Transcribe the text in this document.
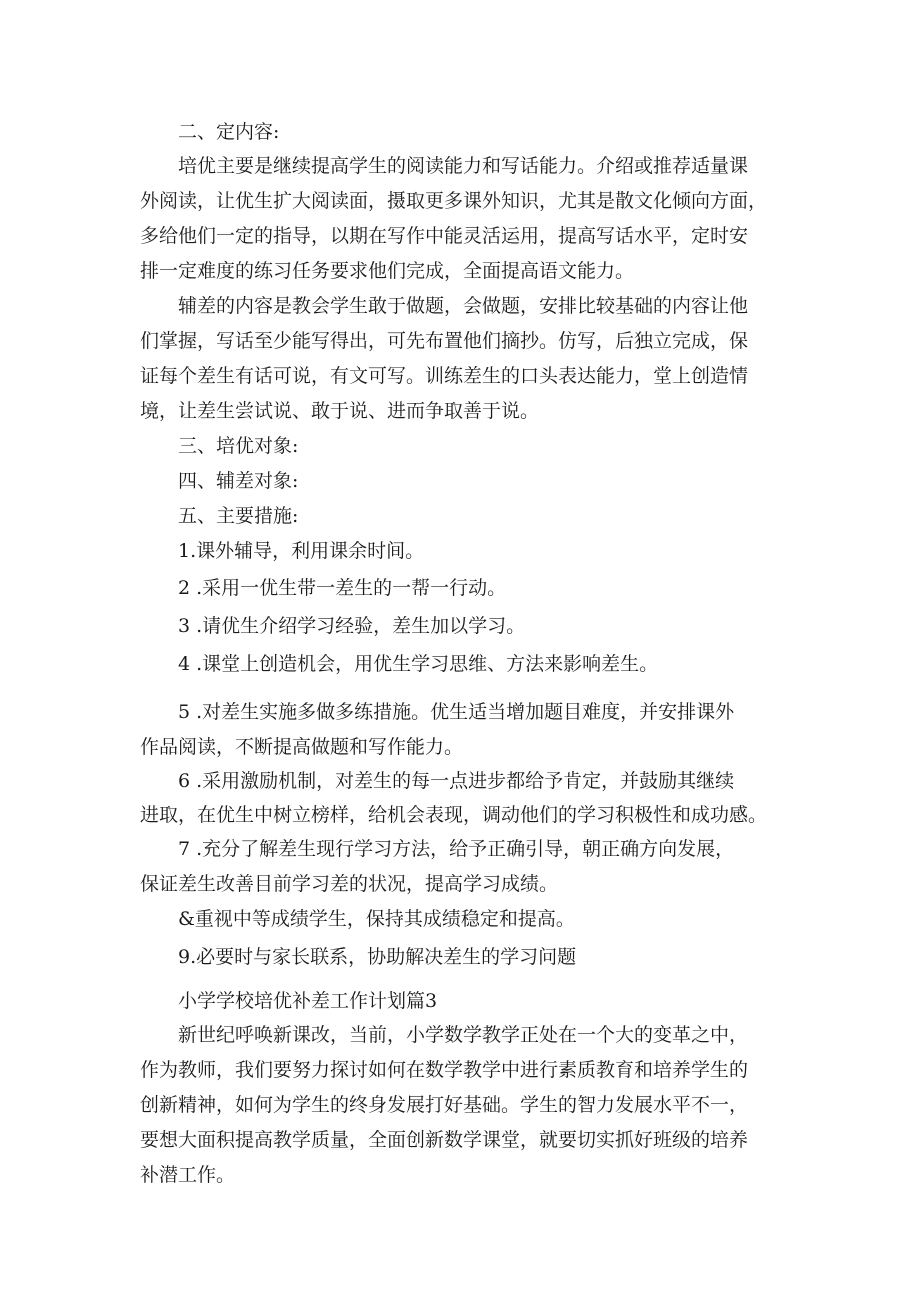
二、定内容:
培优主要是继续提高学生的阅读能力和写话能力。介绍或推荐适量课
外阅读，让优生扩大阅读面，摄取更多课外知识，尤其是散文化倾向方面，
多给他们一定的指导，以期在写作中能灵活运用，提高写话水平，定时安
排一定难度的练习任务要求他们完成，全面提高语文能力。
辅差的内容是教会学生敢于做题，会做题，安排比较基础的内容让他
们掌握，写话至少能写得出，可先布置他们摘抄。仿写，后独立完成，保
证每个差生有话可说，有文可写。训练差生的口头表达能力，堂上创造情
境，让差生尝试说、敢于说、进而争取善于说。
三、培优对象:
四、辅差对象:
五、主要措施:
1.课外辅导，利用课余时间。
2 .采用一优生带一差生的一帮一行动。
3 .请优生介绍学习经验，差生加以学习。
4 .课堂上创造机会，用优生学习思维、方法来影响差生。
5 .对差生实施多做多练措施。优生适当增加题目难度，并安排课外
作品阅读，不断提高做题和写作能力。
6 .采用激励机制，对差生的每一点进步都给予肯定，并鼓励其继续
进取，在优生中树立榜样，给机会表现，调动他们的学习积极性和成功感。
7 .充分了解差生现行学习方法，给予正确引导，朝正确方向发展，
保证差生改善目前学习差的状况，提高学习成绩。
&重视中等成绩学生，保持其成绩稳定和提高。
9.必要时与家长联系，协助解决差生的学习问题
小学学校培优补差工作计划篇3
新世纪呼唤新课改，当前，小学数学教学正处在一个大的变革之中，
作为教师，我们要努力探讨如何在数学教学中进行素质教育和培养学生的
创新精神，如何为学生的终身发展打好基础。学生的智力发展水平不一，
要想大面积提高教学质量，全面创新数学课堂，就要切实抓好班级的培养
补潜工作。
